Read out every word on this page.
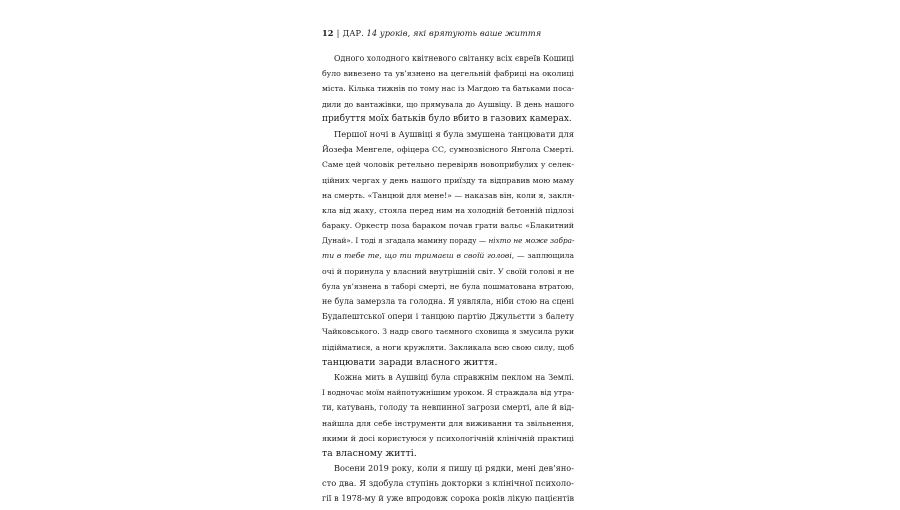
12 | ДАР. 14 уроків, які врятують ваше життя
Одного холодного квітневого світанку всіх євреїв Кошиці
було вивезено та ув’язнено на цегельній фабриці на околиці
міста. Кілька тижнів по тому нас із Магдою та батьками поса-
дили до вантажівки, що прямувала до Аушвіцу. В день нашого
прибуття моїх батьків було вбито в газових камерах.
Першої ночі в Аушвіці я була змушена танцювати для
Йозефа Менгеле, офіцера СС, сумнозвісного Янгола Смерті.
Саме цей чоловік ретельно перевіряв новоприбулих у селек-
ційних чергах у день нашого приїзду та відправив мою маму
на смерть. «Танцюй для мене!» — наказав він, коли я, закля-
кла від жаху, стояла перед ним на холодній бетонній підлозі
бараку. Оркестр поза бараком почав грати вальс «Блакитний
Дунай». І тоді я згадала мамину пораду — ніхто не може забра-
ти в тебе те, що ти тримаєш в своїй голові, — заплющила
очі й поринула у власний внутрішній світ. У своїй голові я не
була ув’язнена в таборі смерті, не була пошматована втратою,
не була замерзла та голодна. Я уявляла, ніби стою на сцені
Будапештської опери і танцюю партію Джульєтти з балету
Чайковського. З надр свого таємного сховища я змусила руки
підійматися, а ноги кружляти. Закликала всю свою силу, щоб
танцювати заради власного життя.
Кожна мить в Аушвіці була справжнім пеклом на Землі.
І водночас моїм найпотужнішим уроком. Я страждала від утра-
ти, катувань, голоду та невпинної загрози смерті, але й від-
найшла для себе інструменти для виживання та звільнення,
якими й досі користуюся у психологічній клінічній практиці
та власному житті.
Восени 2019 року, коли я пишу ці рядки, мені дев’яно-
сто два. Я здобула ступінь докторки з клінічної психоло-
гії в 1978-му й уже впродовж сорока років лікую пацієнтів
